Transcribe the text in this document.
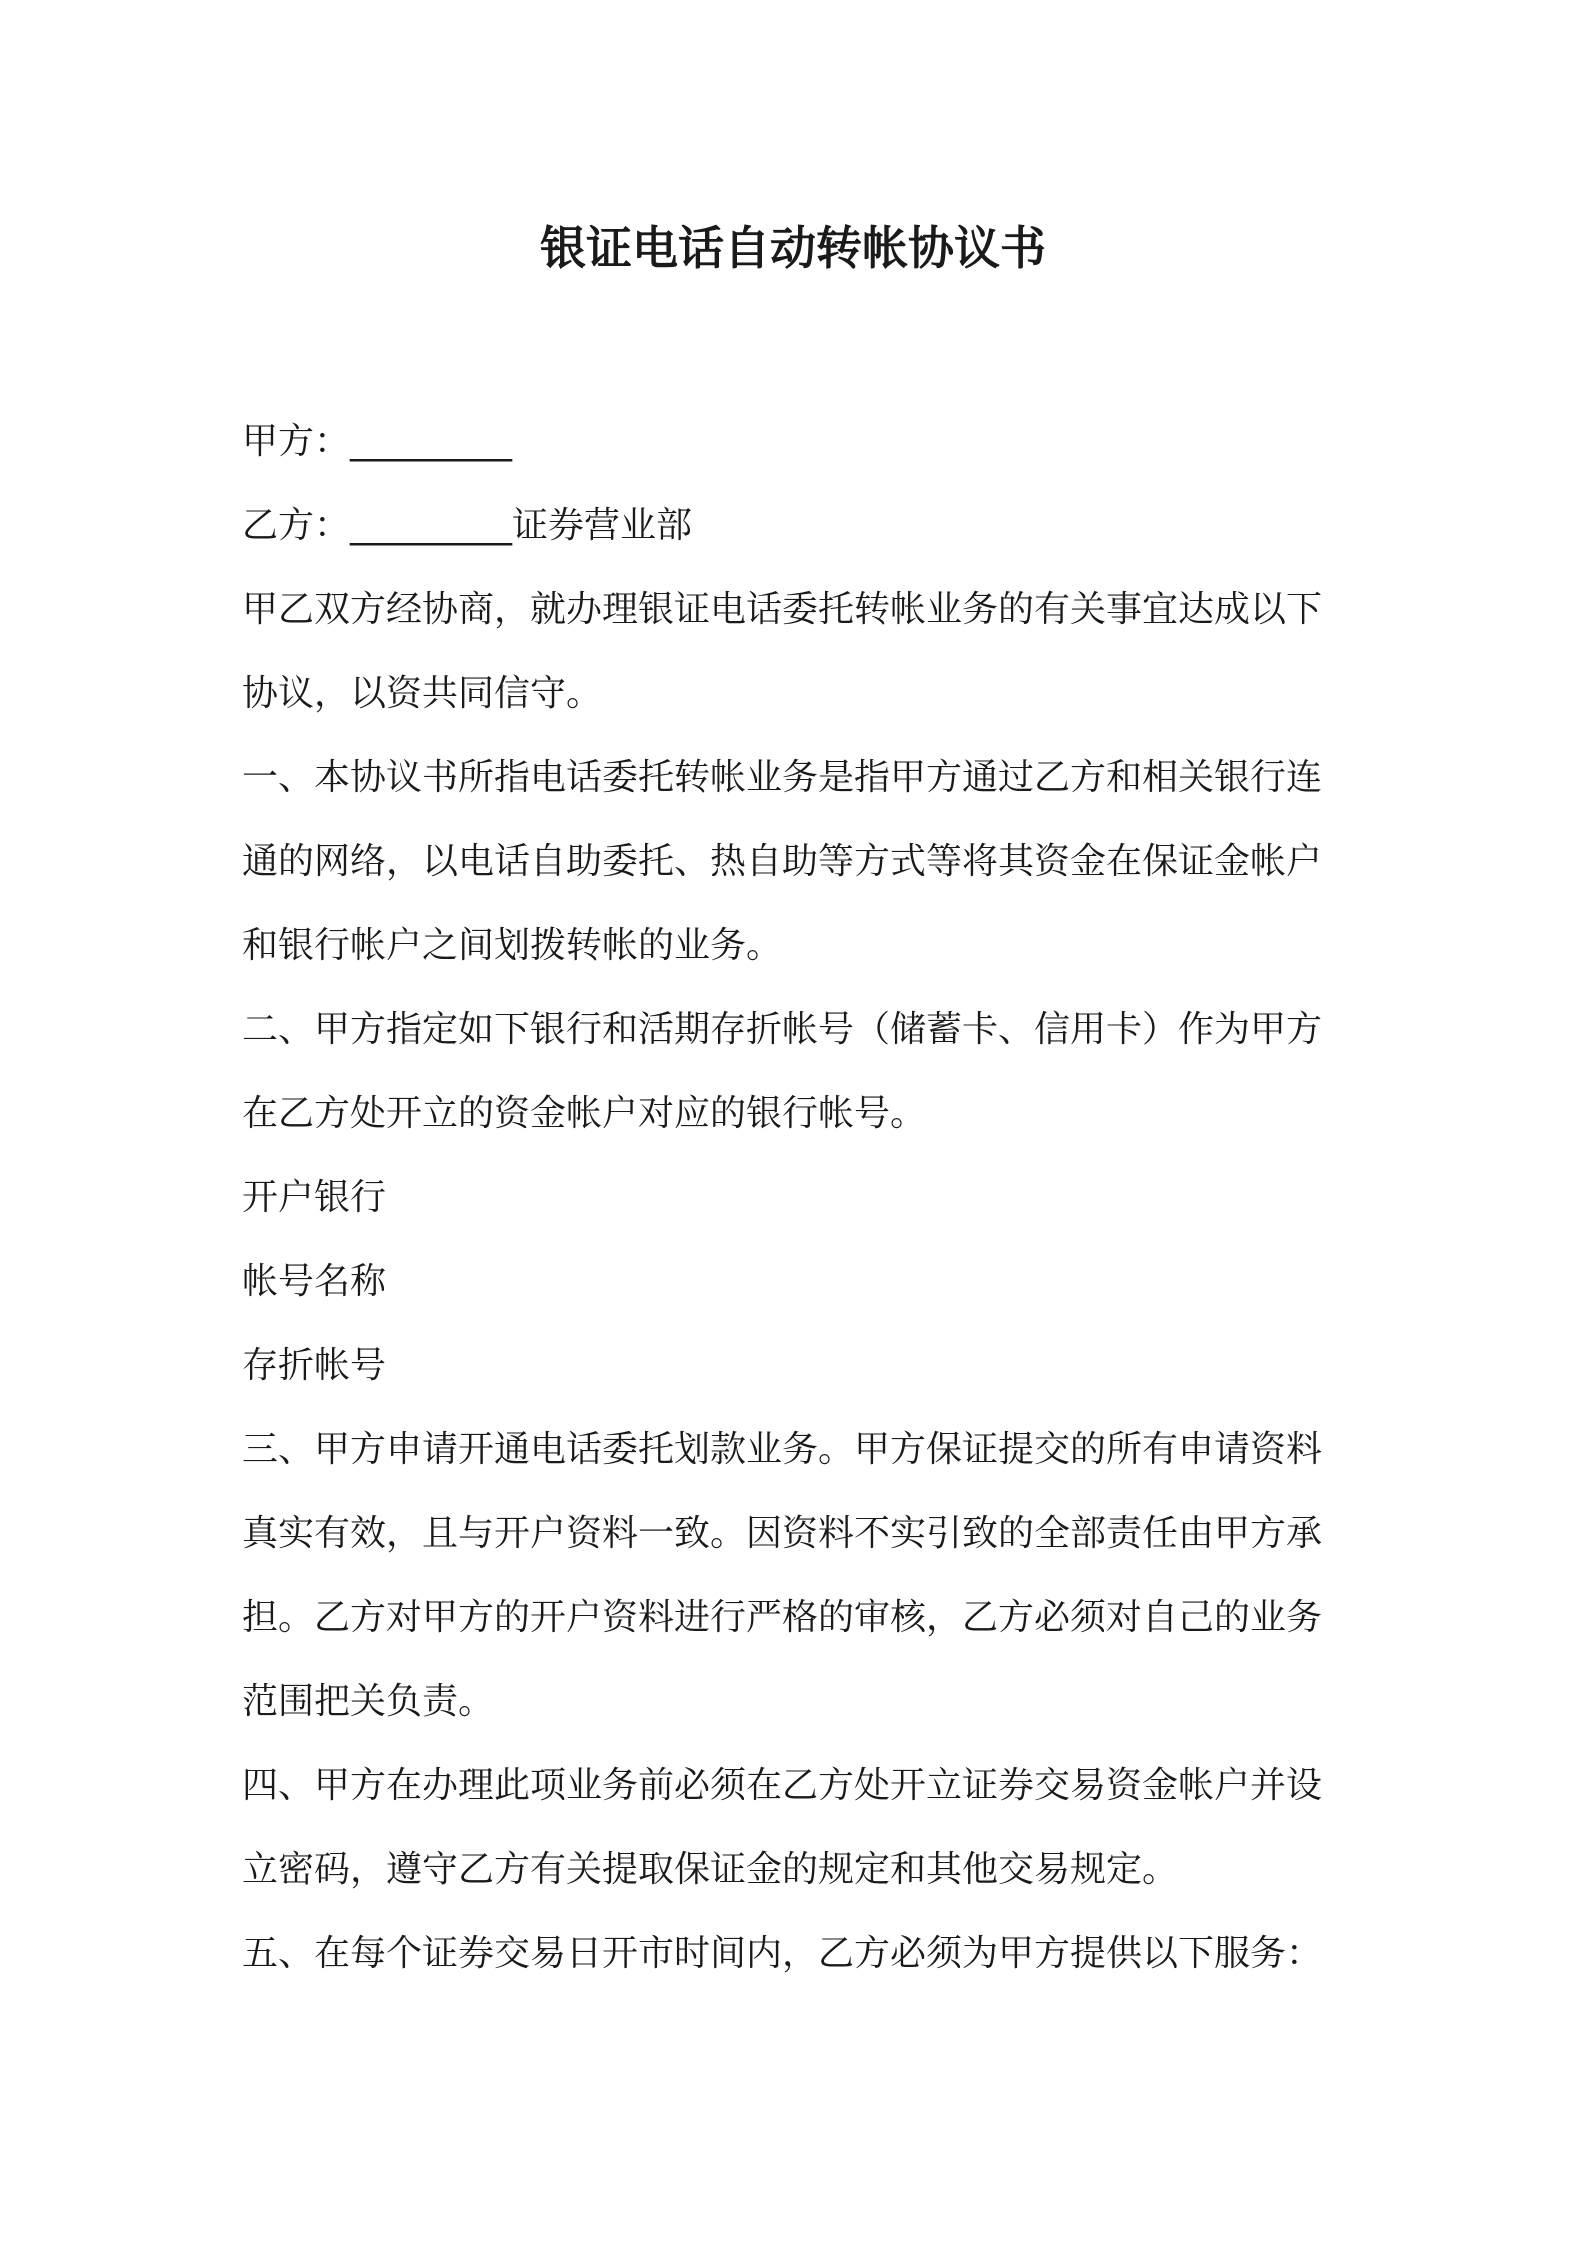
银证电话自动转帐协议书
甲方：_________
乙方：_________证券营业部
甲乙双方经协商，就办理银证电话委托转帐业务的有关事宜达成以下
协议，以资共同信守。
一、本协议书所指电话委托转帐业务是指甲方通过乙方和相关银行连
通的网络，以电话自助委托、热自助等方式等将其资金在保证金帐户
和银行帐户之间划拨转帐的业务。
二、甲方指定如下银行和活期存折帐号（储蓄卡、信用卡）作为甲方
在乙方处开立的资金帐户对应的银行帐号。
开户银行
帐号名称
存折帐号
三、甲方申请开通电话委托划款业务。甲方保证提交的所有申请资料
真实有效，且与开户资料一致。因资料不实引致的全部责任由甲方承
担。乙方对甲方的开户资料进行严格的审核，乙方必须对自己的业务
范围把关负责。
四、甲方在办理此项业务前必须在乙方处开立证券交易资金帐户并设
立密码，遵守乙方有关提取保证金的规定和其他交易规定。
五、在每个证券交易日开市时间内，乙方必须为甲方提供以下服务：
